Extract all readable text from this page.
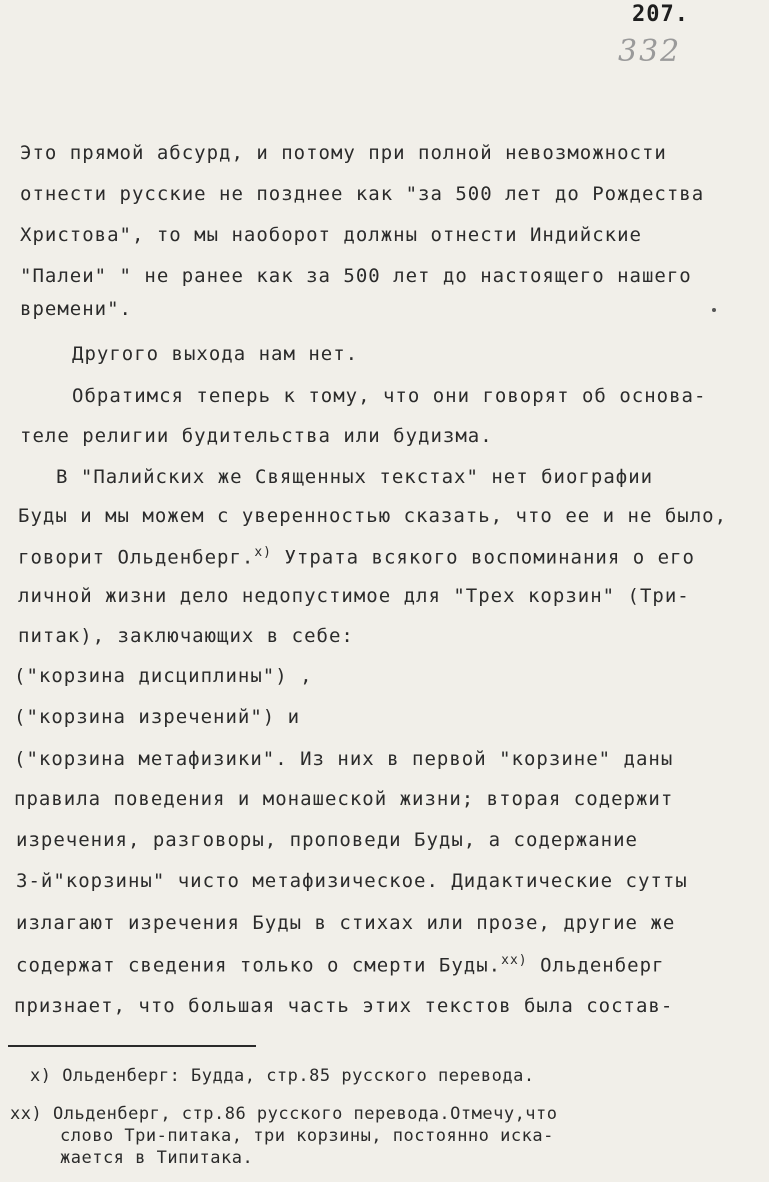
207.
332
Это прямой абсурд, и потому при полной невозможности
отнести русские не позднее как "за 500 лет до Рождества
Христова", то мы наоборот должны отнести Индийские
"Палеи" " не ранее как за 500 лет до настоящего нашего
времени".
Другого выхода нам нет.
Обратимся теперь к тому, что они говорят об основа-
теле религии будительства или будизма.
В "Палийских же Священных текстах" нет биографии
Буды и мы можем с уверенностью сказать, что ее и не было,
говорит Ольденберг.$^{x)}$ Утрата всякого воспоминания о его
личной жизни дело недопустимое для "Трех корзин" (Три-
питак), заключающих в себе:
("корзина дисциплины") ,
("корзина изречений") и
("корзина метафизики". Из них в первой "корзине" даны
правила поведения и монашеской жизни; вторая содержит
изречения, разговоры, проповеди Буды, а содержание
3-й"корзины" чисто метафизическое. Дидактические сутты
излагают изречения Буды в стихах или прозе, другие же
содержат сведения только о смерти Буды.$^{xx)}$ Ольденберг
признает, что большая часть этих текстов была состав-
x) Ольденберг: Будда, стр.85 русского перевода.
xx) Ольденберг, стр.86 русского перевода.Отмечу,что
слово Три-питака, три корзины, постоянно иска-
жается в Типитака.
